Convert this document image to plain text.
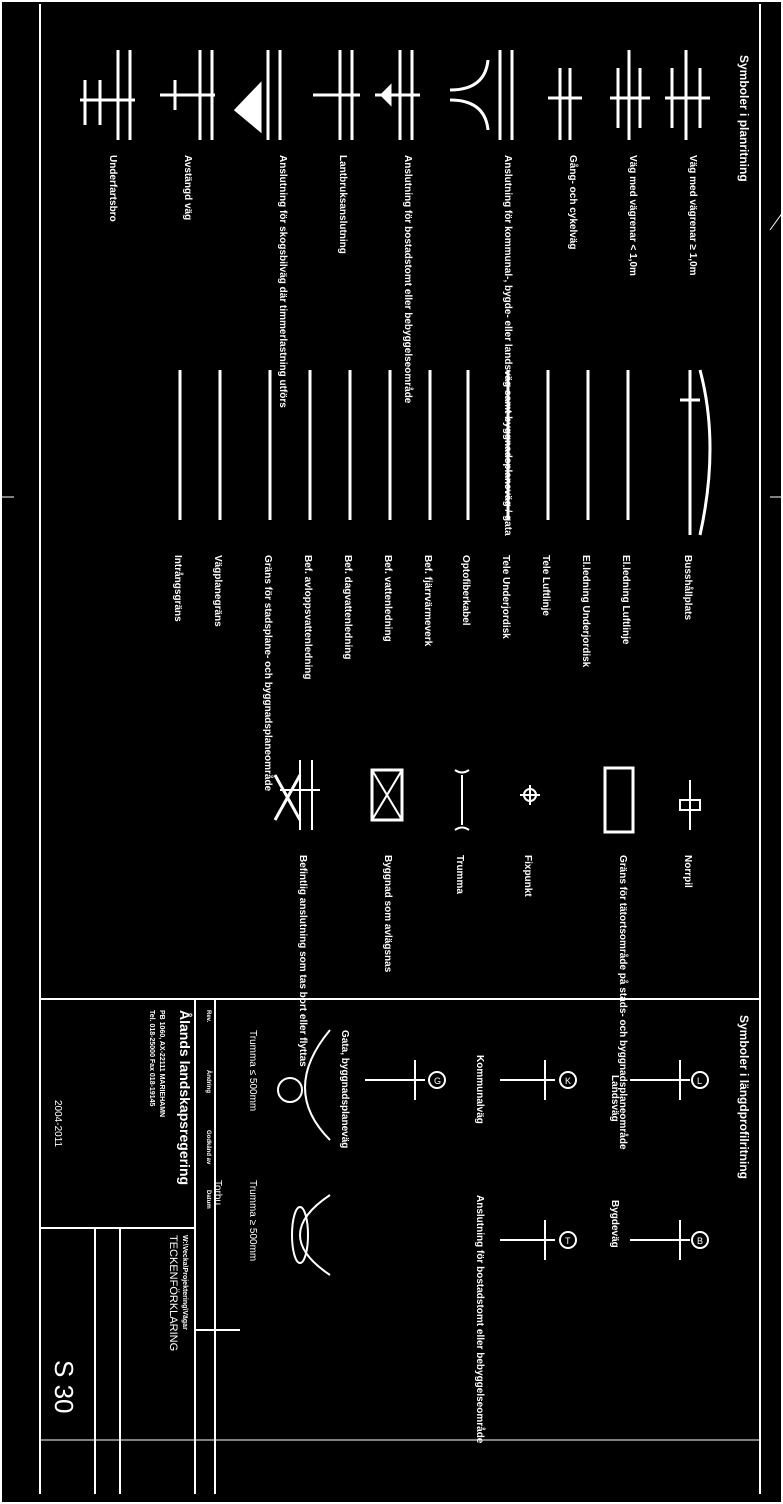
Symboler i planritning
Väg med vägrenar ≥ 1,0m
Väg med vägrenar < 1,0m
Gång- och cykelväg
Anslutning för kommunal-, bygde- eller landsväg samt byggnadsplaneväg / gata
Anslutning för bostadstomt eller bebyggelseområde
Lantbruksanslutning
Anslutning för skogsbilväg där timmerlastning utförs
Avstängd väg
Underfartsbro
Busshållplats
El.ledning Luftlinje
El.ledning Underjordisk
Tele Luftlinje
Tele Underjordisk
Optofiberkabel
Bef. fjärrvärmeverk
Bef. vattenledning
Bef. dagvattenledning
Bef. avloppsvattenledning
Gräns för stadsplane- och byggnadsplaneområde
Vägplanegräns
Intrångsgräns
Norrpil
Gräns för tätortsområde på stads- och byggnadsplaneområde
Fixpunkt
Trumma
Byggnad som avlägsnas
Befintlig anslutning som tas bort eller flyttas
Symboler i längdprofilritning
Landsväg	L
Bygdeväg	B
Kommunalväg	K
Anslutning för bostadstomt eller bebyggelseområde	T
Gata, byggnadsplaneväg	G
Trumma ≤ 500mm
Trumma ≥ 500mm
Ålands landskapsregering
PB 1060, AX-22111 MARIEHAMN
Tel. 018-25000 Fax 018-19145
2004-2011
Torbu
TECKENFÖRKLARING W:\Vecka\Projektering\Vägar
S 30
Rev.
Ändring
Godkänd av
Datum
